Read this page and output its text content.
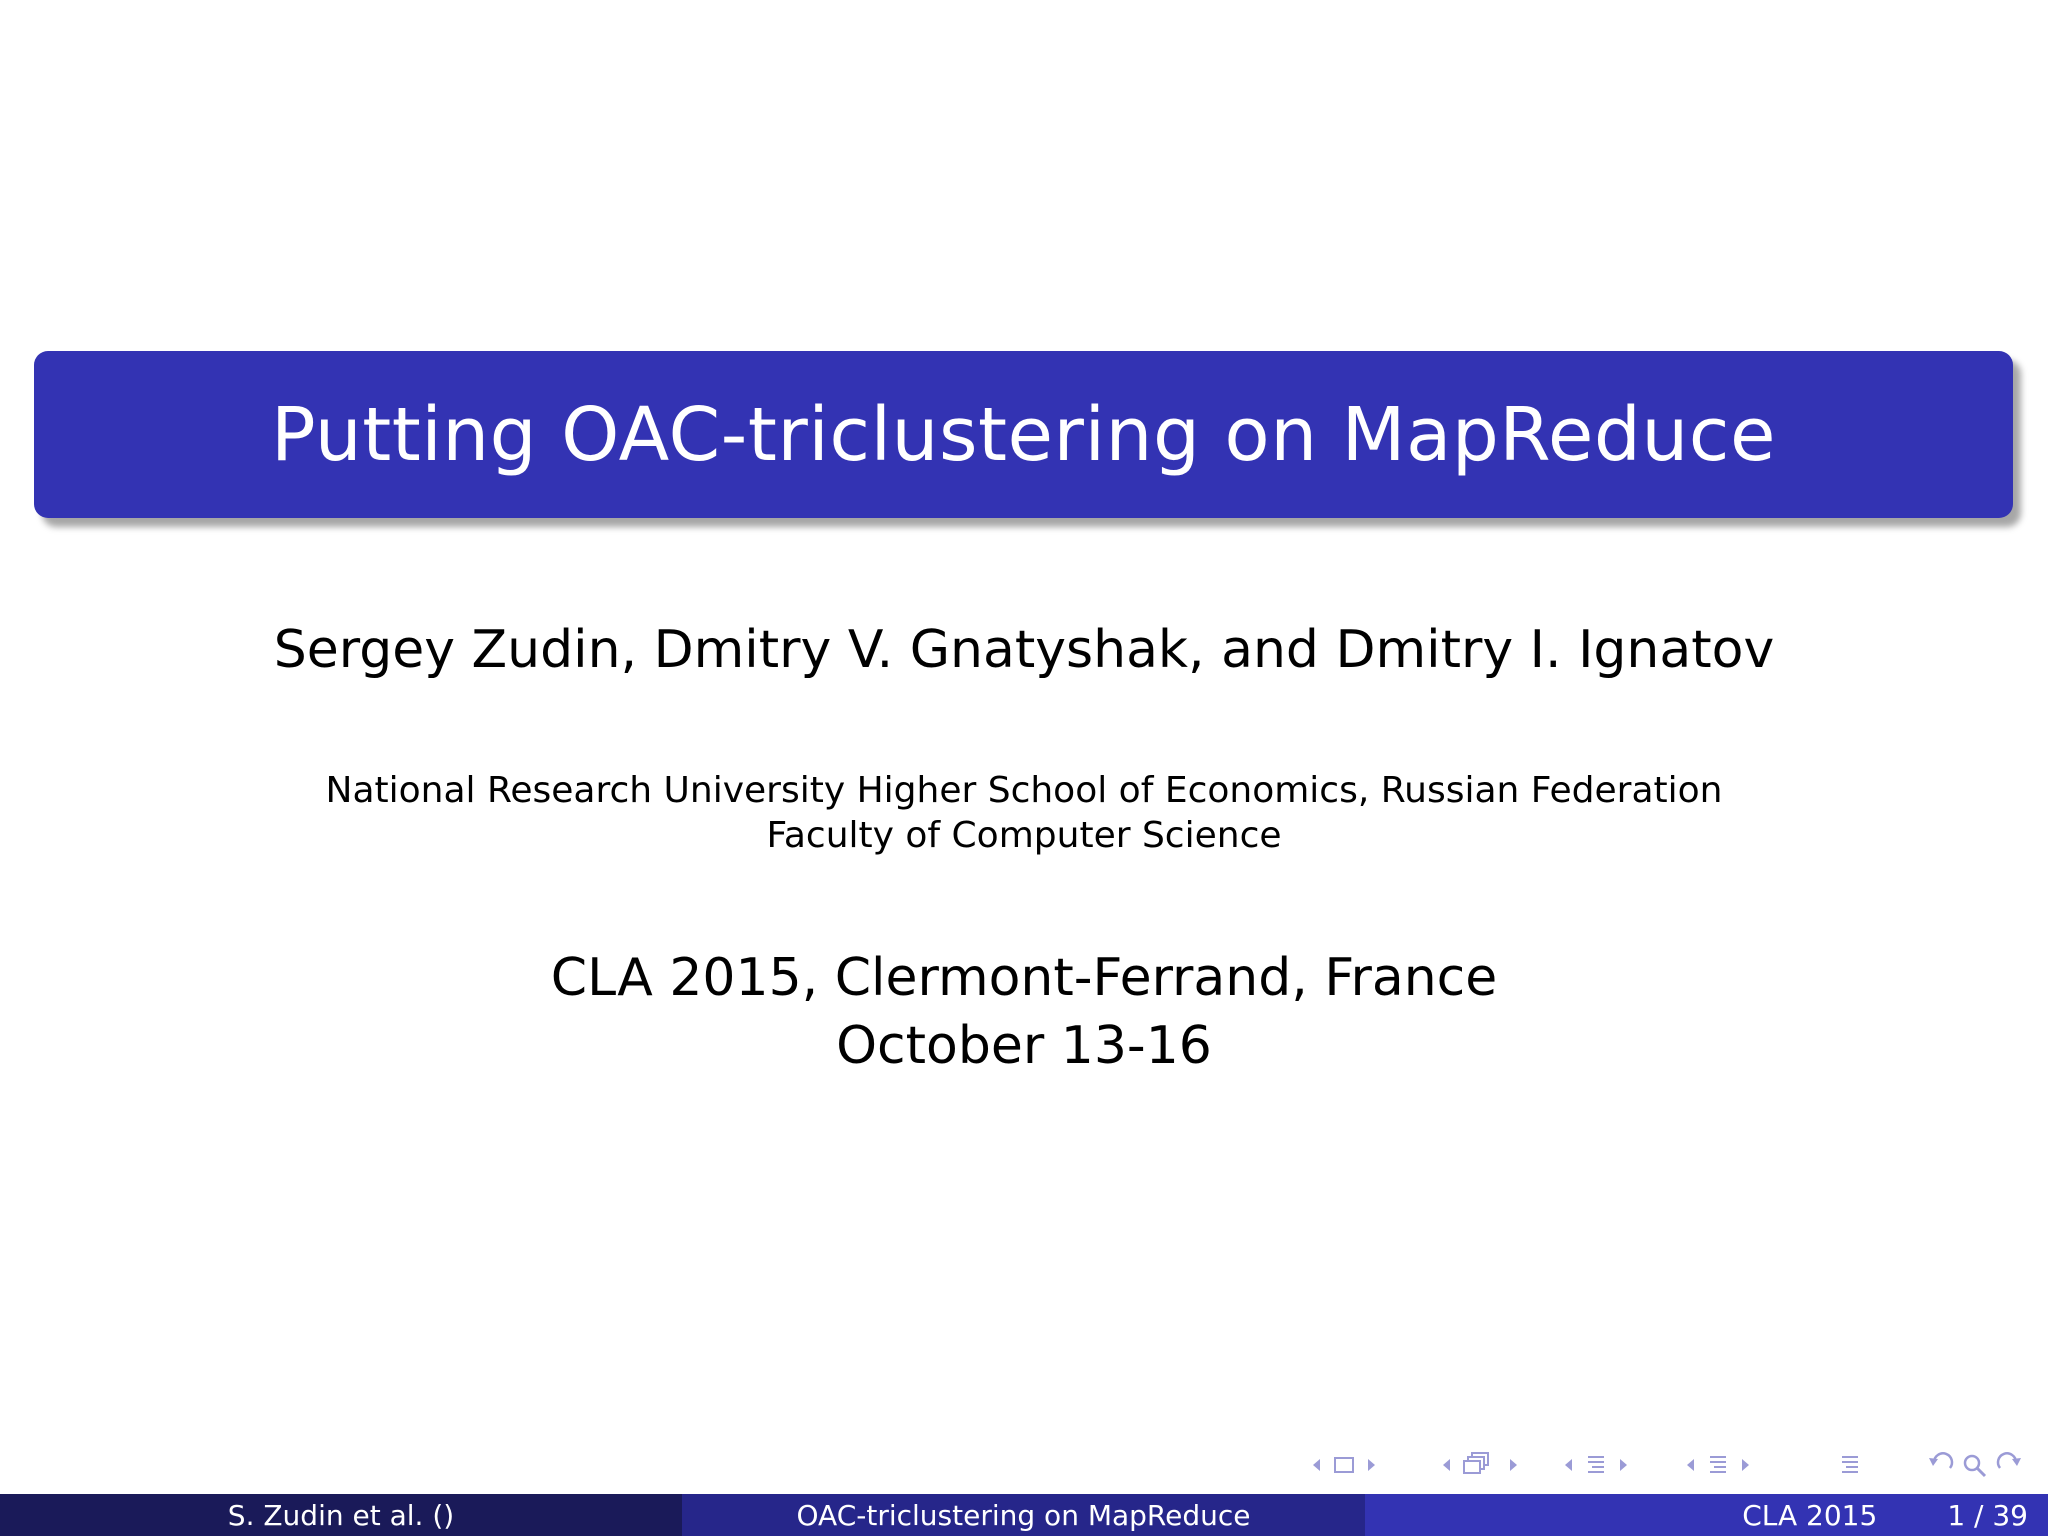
Putting OAC-triclustering on MapReduce
Sergey Zudin, Dmitry V. Gnatyshak, and Dmitry I. Ignatov
National Research University Higher School of Economics, Russian Federation
Faculty of Computer Science
CLA 2015, Clermont-Ferrand, France
October 13-16
S. Zudin et al. ()	OAC-triclustering on MapReduce	CLA 2015	1 / 39
